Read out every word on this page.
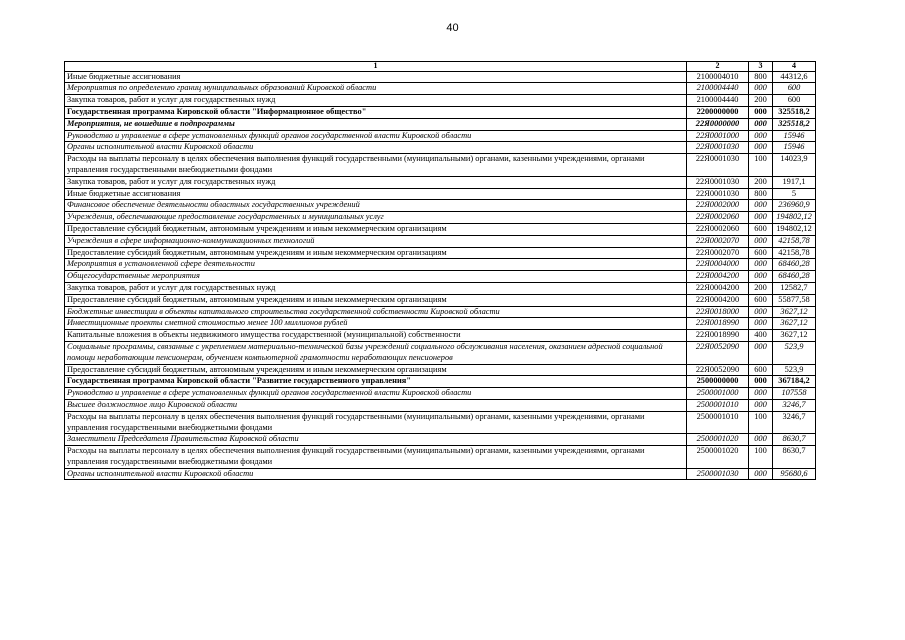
40
1	2	3	4
Иные бюджетные ассигнования	2100004010	800	44312,6
Мероприятия по определению границ муниципальных образований Кировской области	2100004440	000	600
Закупка товаров, работ и услуг для государственных нужд	2100004440	200	600
Государственная программа Кировской области "Информационное общество"	2200000000	000	325518,2
Мероприятия, не вошедшие в подпрограммы	22Я0000000	000	325518,2
Руководство и управление в сфере установленных функций органов государственной власти Кировской области	22Я0001000	000	15946
Органы исполнительной власти Кировской области	22Я0001030	000	15946
Расходы на выплаты персоналу в целях обеспечения выполнения функций государственными (муниципальными) органами, казенными учреждениями, органами управления государственными внебюджетными фондами	22Я0001030	100	14023,9
Закупка товаров, работ и услуг для государственных нужд	22Я0001030	200	1917,1
Иные бюджетные ассигнования	22Я0001030	800	5
Финансовое обеспечение деятельности областных государственных учреждений	22Я0002000	000	236960,9
Учреждения, обеспечивающие предоставление государственных и муниципальных услуг	22Я0002060	000	194802,12
Предоставление субсидий бюджетным, автономным учреждениям и иным некоммерческим организациям	22Я0002060	600	194802,12
Учреждения в сфере информационно-коммуникационных технологий	22Я0002070	000	42158,78
Предоставление субсидий бюджетным, автономным учреждениям и иным некоммерческим организациям	22Я0002070	600	42158,78
Мероприятия в установленной сфере деятельности	22Я0004000	000	68460,28
Общегосударственные мероприятия	22Я0004200	000	68460,28
Закупка товаров, работ и услуг для государственных нужд	22Я0004200	200	12582,7
Предоставление субсидий бюджетным, автономным учреждениям и иным некоммерческим организациям	22Я0004200	600	55877,58
Бюджетные инвестиции в объекты капитального строительства государственной собственности Кировской области	22Я0018000	000	3627,12
Инвестиционные проекты сметной стоимостью менее 100 миллионов рублей	22Я0018990	000	3627,12
Капитальные вложения в объекты недвижимого имущества государственной (муниципальной) собственности	22Я0018990	400	3627,12
Социальные программы, связанные с укреплением материально-технической базы учреждений социального обслуживания населения, оказанием адресной социальной помощи неработающим пенсионерам, обучением компьютерной грамотности неработающих пенсионеров	22Я0052090	000	523,9
Предоставление субсидий бюджетным, автономным учреждениям и иным некоммерческим организациям	22Я0052090	600	523,9
Государственная программа Кировской области "Развитие государственного управления"	2500000000	000	367184,2
Руководство и управление в сфере установленных функций органов государственной власти Кировской области	2500001000	000	107558
Высшее должностное лицо Кировской области	2500001010	000	3246,7
Расходы на выплаты персоналу в целях обеспечения выполнения функций государственными (муниципальными) органами, казенными учреждениями, органами управления государственными внебюджетными фондами	2500001010	100	3246,7
Заместители Председателя Правительства Кировской области	2500001020	000	8630,7
Расходы на выплаты персоналу в целях обеспечения выполнения функций государственными (муниципальными) органами, казенными учреждениями, органами управления государственными внебюджетными фондами	2500001020	100	8630,7
Органы исполнительной власти Кировской области	2500001030	000	95680,6
